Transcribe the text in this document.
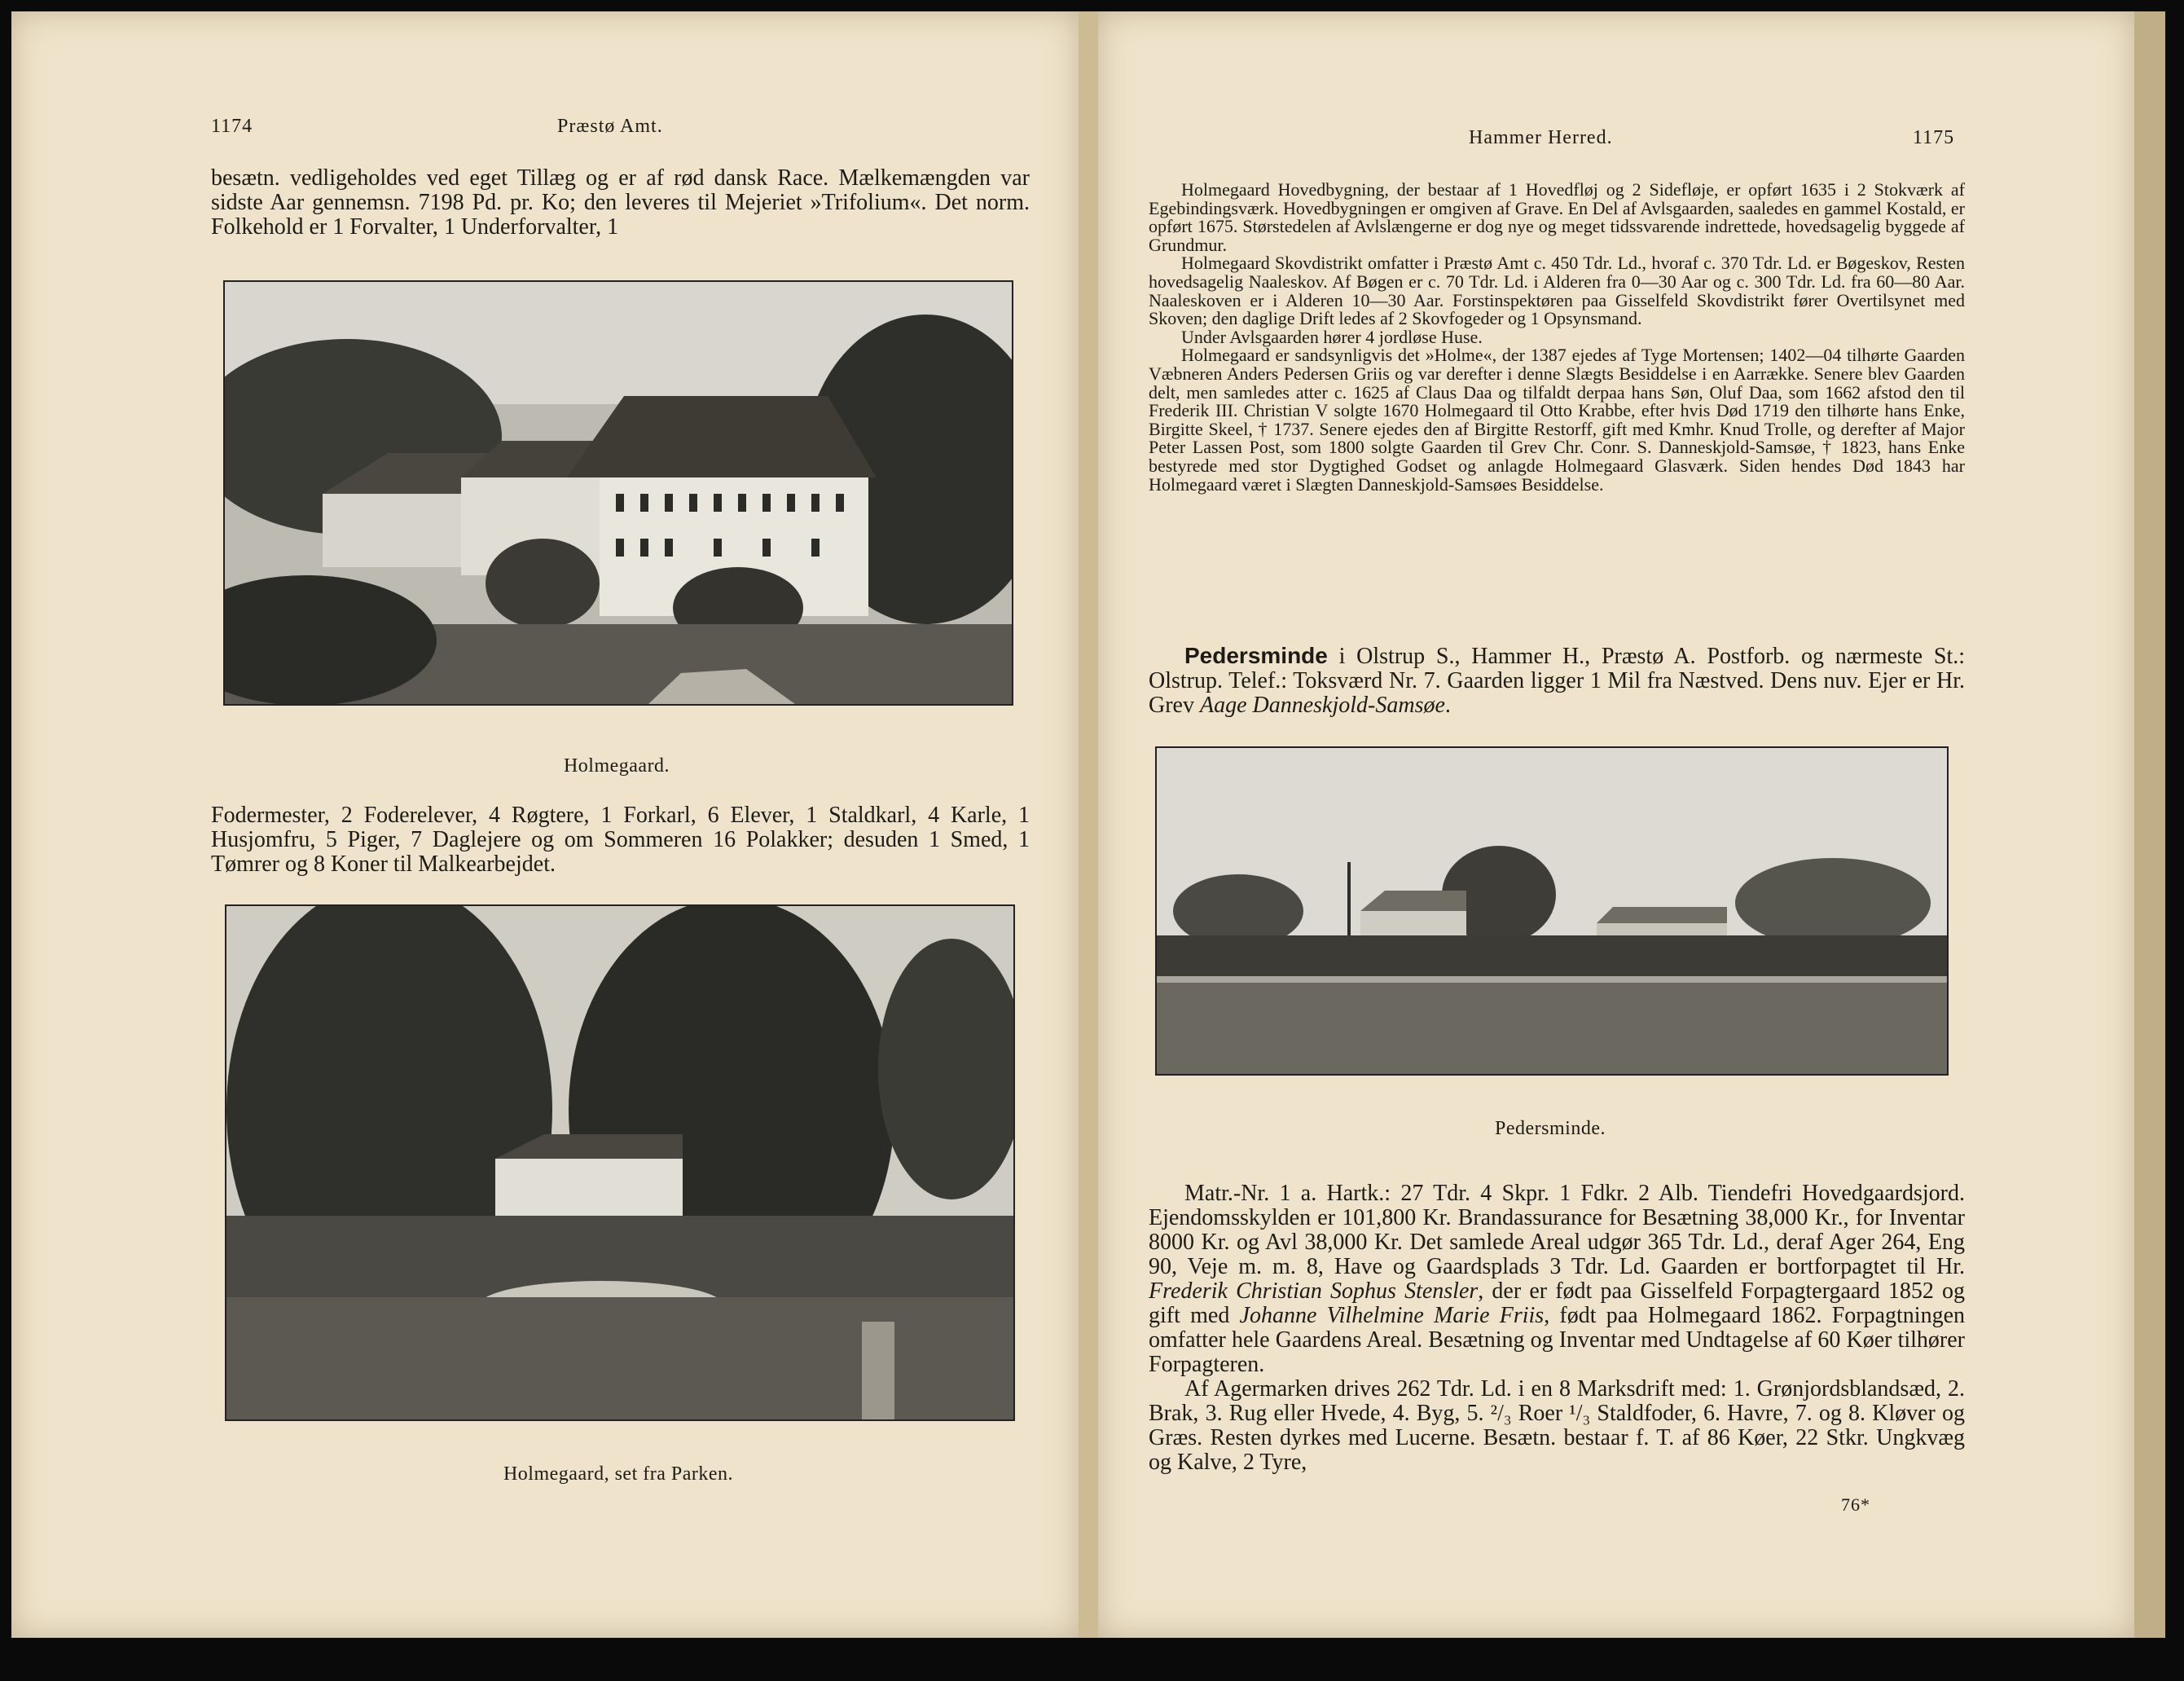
1174	Præstø Amt.

besætn. vedligeholdes ved eget Tillæg og er af rød dansk Race. Mælkemængden var sidste Aar gennemsn. 7198 Pd. pr. Ko; den leveres til Mejeriet »Trifolium«. Det norm. Folkehold er 1 Forvalter, 1 Underforvalter, 1

Holmegaard.

Fodermester, 2 Foderelever, 4 Røgtere, 1 Forkarl, 6 Elever, 1 Staldkarl, 4 Karle, 1 Husjomfru, 5 Piger, 7 Daglejere og om Sommeren 16 Polakker; desuden 1 Smed, 1 Tømrer og 8 Koner til Malkearbejdet.

Holmegaard, set fra Parken.
Hammer Herred.	1175

Holmegaard Hovedbygning, der bestaar af 1 Hovedfløj og 2 Sidefløje, er opført 1635 i 2 Stokværk af Egebindingsværk. Hovedbygningen er omgiven af Grave. En Del af Avlsgaarden, saaledes en gammel Kostald, er opført 1675. Størstedelen af Avlslængerne er dog nye og meget tidssvarende indrettede, hovedsagelig byggede af Grundmur.

Holmegaard Skovdistrikt omfatter i Præstø Amt c. 450 Tdr. Ld., hvoraf c. 370 Tdr. Ld. er Bøgeskov, Resten hovedsagelig Naaleskov. Af Bøgen er c. 70 Tdr. Ld. i Alderen fra 0—30 Aar og c. 300 Tdr. Ld. fra 60—80 Aar. Naaleskoven er i Alderen 10—30 Aar. Forstinspektøren paa Gisselfeld Skovdistrikt fører Overtilsynet med Skoven; den daglige Drift ledes af 2 Skovfogeder og 1 Opsynsmand.

Under Avlsgaarden hører 4 jordløse Huse.

Holmegaard er sandsynligvis det »Holme«, der 1387 ejedes af Tyge Mortensen; 1402—04 tilhørte Gaarden Væbneren Anders Pedersen Griis og var derefter i denne Slægts Besiddelse i en Aarrække. Senere blev Gaarden delt, men samledes atter c. 1625 af Claus Daa og tilfaldt derpaa hans Søn, Oluf Daa, som 1662 afstod den til Frederik III. Christian V solgte 1670 Holmegaard til Otto Krabbe, efter hvis Død 1719 den tilhørte hans Enke, Birgitte Skeel, † 1737. Senere ejedes den af Birgitte Restorff, gift med Kmhr. Knud Trolle, og derefter af Major Peter Lassen Post, som 1800 solgte Gaarden til Grev Chr. Conr. S. Danneskjold-Samsøe, † 1823, hans Enke bestyrede med stor Dygtighed Godset og anlagde Holmegaard Glasværk. Siden hendes Død 1843 har Holmegaard været i Slægten Danneskjold-Samsøes Besiddelse.

Pedersminde i Olstrup S., Hammer H., Præstø A. Postforb. og nærmeste St.: Olstrup. Telef.: Toksværd Nr. 7. Gaarden ligger 1 Mil fra Næstved. Dens nuv. Ejer er Hr. Grev Aage Danneskjold-Samsøe.

Pedersminde.

Matr.-Nr. 1 a. Hartk.: 27 Tdr. 4 Skpr. 1 Fdkr. 2 Alb. Tiendefri Hovedgaardsjord. Ejendomsskylden er 101,800 Kr. Brandassurance for Besætning 38,000 Kr., for Inventar 8000 Kr. og Avl 38,000 Kr. Det samlede Areal udgør 365 Tdr. Ld., deraf Ager 264, Eng 90, Veje m. m. 8, Have og Gaardsplads 3 Tdr. Ld. Gaarden er bortforpagtet til Hr. Frederik Christian Sophus Stensler, der er født paa Gisselfeld Forpagtergaard 1852 og gift med Johanne Vilhelmine Marie Friis, født paa Holmegaard 1862. Forpagtningen omfatter hele Gaardens Areal. Besætning og Inventar med Undtagelse af 60 Køer tilhører Forpagteren.

Af Agermarken drives 262 Tdr. Ld. i en 8 Marksdrift med: 1. Grønjordsblandsæd, 2. Brak, 3. Rug eller Hvede, 4. Byg, 5. ²/₃ Roer ¹/₃ Staldfoder, 6. Havre, 7. og 8. Kløver og Græs. Resten dyrkes med Lucerne. Besætn. bestaar f. T. af 86 Køer, 22 Stkr. Ungkvæg og Kalve, 2 Tyre,

76*
